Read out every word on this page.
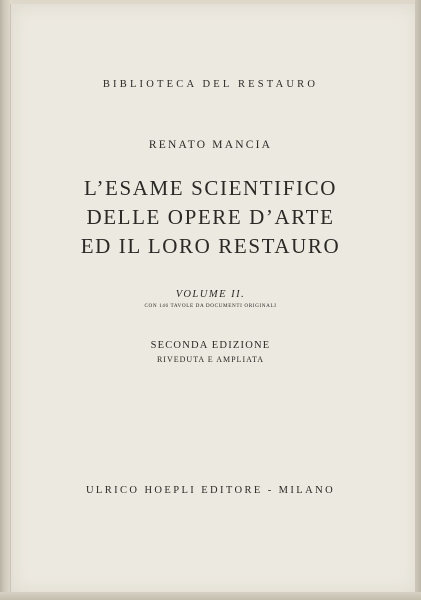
BIBLIOTECA DEL RESTAURO
RENATO MANCIA
L’ESAME SCIENTIFICO
DELLE OPERE D’ARTE
ED IL LORO RESTAURO
VOLUME II.
CON 146 TAVOLE DA DOCUMENTI ORIGINALI
SECONDA EDIZIONE
RIVEDUTA E AMPLIATA
ULRICO HOEPLI EDITORE - MILANO
